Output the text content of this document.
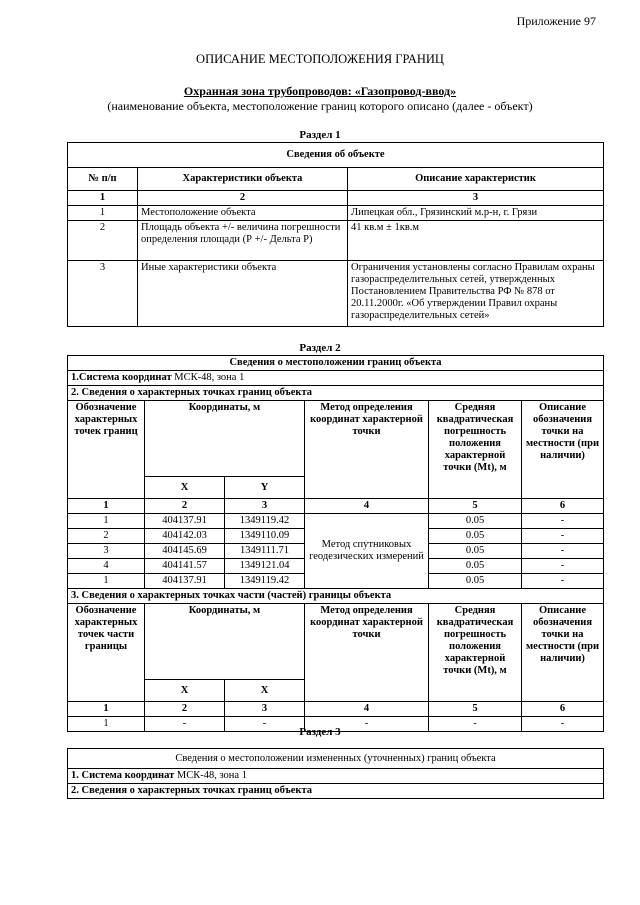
Приложение 97
ОПИСАНИЕ МЕСТОПОЛОЖЕНИЯ ГРАНИЦ
Охранная зона трубопроводов: «Газопровод-ввод»
(наименование объекта, местоположение границ которого описано (далее - объект)
Раздел 1
Сведения об объекте		
№ п/п	Характеристики объекта	Описание характеристик
1	2	3
1	Местоположение объекта	Липецкая обл., Грязинский м.р-н, г. Грязи
2	Площадь объекта +/- величина погрешности определения площади (Р +/- Дельта Р)	41 кв.м ± 1кв.м
3	Иные характеристики объекта	Ограничения установлены согласно Правилам охраны газораспределительных сетей, утвержденных Постановлением Правительства РФ № 878 от 20.11.2000г. «Об утверждении Правил охраны газораспределительных сетей»
Раздел 2
Сведения о местоположении границ объекта					
1.Система координат МСК-48, зона 1					
2. Сведения о характерных точках границ объекта					
Обозначение характерных точек границ	Координаты, м		Метод определения координат характерной точки	Средняя квадратическая погрешность положения характерной точки (Mt), м	Описание обозначения точки на местности (при наличии)
	X	Y			
1	2	3	4	5	6
1	404137.91	1349119.42	Метод спутниковых геодезических измерений	0.05	-
2	404142.03	1349110.09		0.05	-
3	404145.69	1349111.71		0.05	-
4	404141.57	1349121.04		0.05	-
1	404137.91	1349119.42		0.05	-
3. Сведения о характерных точках части (частей) границы объекта					
Обозначение характерных точек части границы	Координаты, м		Метод определения координат характерной точки	Средняя квадратическая погрешность положения характерной точки (Mt), м	Описание обозначения точки на местности (при наличии)
	X	X			
1	2	3	4	5	6
1	-	-	-	-	-
Раздел 3
Сведения о местоположении измененных (уточненных) границ объекта
1. Система координат МСК-48, зона 1
2. Сведения о характерных точках границ объекта
